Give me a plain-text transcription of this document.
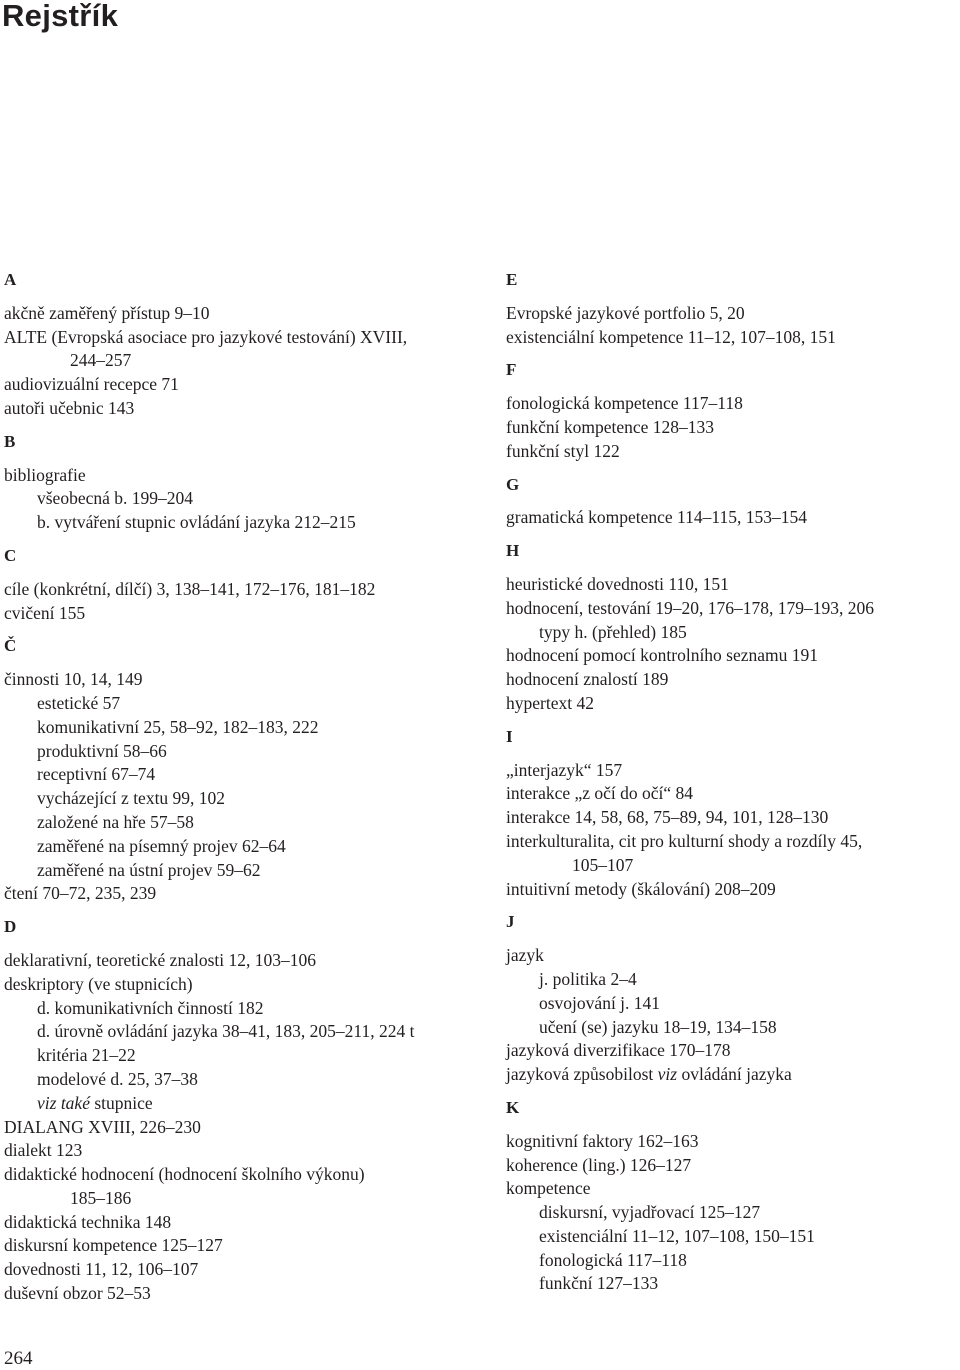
Rejstřík
A
akčně zaměřený přístup 9–10
ALTE (Evropská asociace pro jazykové testování) XVIII,
244–257
audiovizuální recepce 71
autoři učebnic 143
B
bibliografie
všeobecná b. 199–204
b. vytváření stupnic ovládání jazyka 212–215
C
cíle (konkrétní, dílčí) 3, 138–141, 172–176, 181–182
cvičení 155
Č
činnosti 10, 14, 149
estetické 57
komunikativní 25, 58–92, 182–183, 222
produktivní 58–66
receptivní 67–74
vycházející z textu 99, 102
založené na hře 57–58
zaměřené na písemný projev 62–64
zaměřené na ústní projev 59–62
čtení 70–72, 235, 239
D
deklarativní, teoretické znalosti 12, 103–106
deskriptory (ve stupnicích)
d. komunikativních činností 182
d. úrovně ovládání jazyka 38–41, 183, 205–211, 224 t
kritéria 21–22
modelové d. 25, 37–38
viz také stupnice
DIALANG XVIII, 226–230
dialekt 123
didaktické hodnocení (hodnocení školního výkonu)
185–186
didaktická technika 148
diskursní kompetence 125–127
dovednosti 11, 12, 106–107
duševní obzor 52–53
E
Evropské jazykové portfolio 5, 20
existenciální kompetence 11–12, 107–108, 151
F
fonologická kompetence 117–118
funkční kompetence 128–133
funkční styl 122
G
gramatická kompetence 114–115, 153–154
H
heuristické dovednosti 110, 151
hodnocení, testování 19–20, 176–178, 179–193, 206
typy h. (přehled) 185
hodnocení pomocí kontrolního seznamu 191
hodnocení znalostí 189
hypertext 42
I
„interjazyk“ 157
interakce „z očí do očí“ 84
interakce 14, 58, 68, 75–89, 94, 101, 128–130
interkulturalita, cit pro kulturní shody a rozdíly 45,
105–107
intuitivní metody (škálování) 208–209
J
jazyk
j. politika 2–4
osvojování j. 141
učení (se) jazyku 18–19, 134–158
jazyková diverzifikace 170–178
jazyková způsobilost viz ovládání jazyka
K
kognitivní faktory 162–163
koherence (ling.) 126–127
kompetence
diskursní, vyjadřovací 125–127
existenciální 11–12, 107–108, 150–151
fonologická 117–118
funkční 127–133
264
